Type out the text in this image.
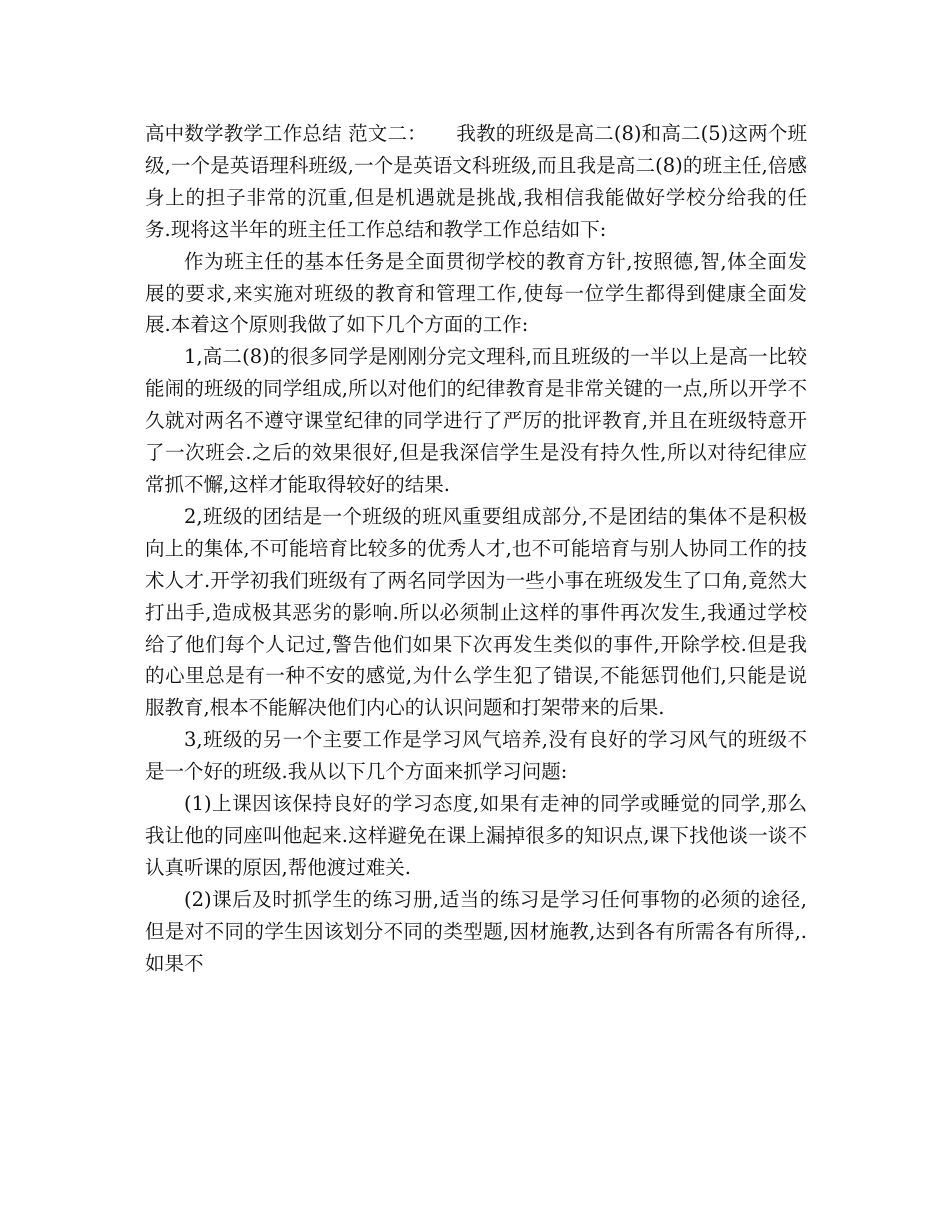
高中数学教学工作总结 范文二：　　我教的班级是高二(8)和高二(5)这两个班级,一个是英语理科班级,一个是英语文科班级,而且我是高二(8)的班主任,倍感身上的担子非常的沉重,但是机遇就是挑战,我相信我能做好学校分给我的任务.现将这半年的班主任工作总结和教学工作总结如下:

作为班主任的基本任务是全面贯彻学校的教育方针,按照德,智,体全面发展的要求,来实施对班级的教育和管理工作,使每一位学生都得到健康全面发展.本着这个原则我做了如下几个方面的工作:

1,高二(8)的很多同学是刚刚分完文理科,而且班级的一半以上是高一比较能闹的班级的同学组成,所以对他们的纪律教育是非常关键的一点,所以开学不久就对两名不遵守课堂纪律的同学进行了严厉的批评教育,并且在班级特意开了一次班会.之后的效果很好,但是我深信学生是没有持久性,所以对待纪律应常抓不懈,这样才能取得较好的结果.

2,班级的团结是一个班级的班风重要组成部分,不是团结的集体不是积极向上的集体,不可能培育比较多的优秀人才,也不可能培育与别人协同工作的技术人才.开学初我们班级有了两名同学因为一些小事在班级发生了口角,竟然大打出手,造成极其恶劣的影响.所以必须制止这样的事件再次发生,我通过学校给了他们每个人记过,警告他们如果下次再发生类似的事件,开除学校.但是我的心里总是有一种不安的感觉,为什么学生犯了错误,不能惩罚他们,只能是说服教育,根本不能解决他们内心的认识问题和打架带来的后果.

3,班级的另一个主要工作是学习风气培养,没有良好的学习风气的班级不是一个好的班级.我从以下几个方面来抓学习问题:

(1)上课因该保持良好的学习态度,如果有走神的同学或睡觉的同学,那么我让他的同座叫他起来.这样避免在课上漏掉很多的知识点,课下找他谈一谈不认真听课的原因,帮他渡过难关.

(2)课后及时抓学生的练习册,适当的练习是学习任何事物的必须的途径,但是对不同的学生因该划分不同的类型题,因材施教,达到各有所需各有所得,.如果不
